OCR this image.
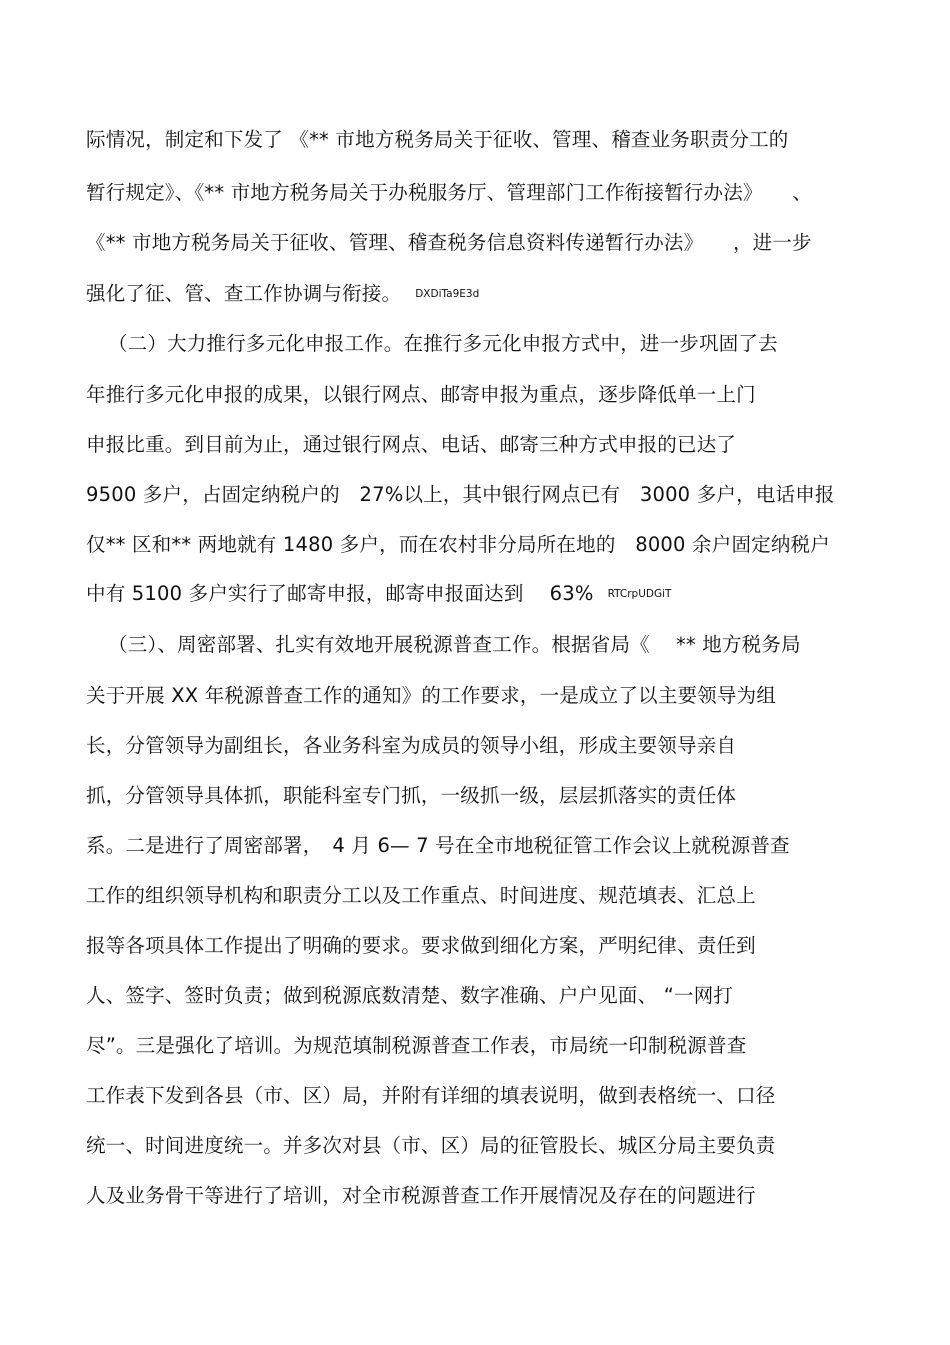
际情况，制定和下发了 《** 市地方税务局关于征收、管理、稽查业务职责分工的
暂行规定》、《** 市地方税务局关于办税服务厅、管理部门工作衔接暂行办法》　　、
《** 市地方税务局关于征收、管理、稽查税务信息资料传递暂行办法》　　，进一步
强化了征、管、查工作协调与衔接。 DXDiTa9E3d
（二）大力推行多元化申报工作。在推行多元化申报方式中，进一步巩固了去
年推行多元化申报的成果，以银行网点、邮寄申报为重点，逐步降低单一上门
申报比重。到目前为止，通过银行网点、电话、邮寄三种方式申报的已达了
9500 多户，占固定纳税户的　27%以上，其中银行网点已有　3000 多户，电话申报
仅** 区和** 两地就有 1480 多户，而在农村非分局所在地的　8000 余户固定纳税户
中有 5100 多户实行了邮寄申报，邮寄申报面达到　 63% RTCrpUDGiT
（三）、周密部署、扎实有效地开展税源普查工作。根据省局《　 ** 地方税务局
关于开展 XX 年税源普查工作的通知》的工作要求，一是成立了以主要领导为组
长，分管领导为副组长，各业务科室为成员的领导小组，形成主要领导亲自
抓，分管领导具体抓，职能科室专门抓，一级抓一级，层层抓落实的责任体
系。二是进行了周密部署，　4 月 6— 7 号在全市地税征管工作会议上就税源普查
工作的组织领导机构和职责分工以及工作重点、时间进度、规范填表、汇总上
报等各项具体工作提出了明确的要求。要求做到细化方案，严明纪律、责任到
人、签字、签时负责；做到税源底数清楚、数字准确、户户见面、 “一网打
尽”。三是强化了培训。为规范填制税源普查工作表，市局统一印制税源普查
工作表下发到各县（市、区）局，并附有详细的填表说明，做到表格统一、口径
统一、时间进度统一。并多次对县（市、区）局的征管股长、城区分局主要负责
人及业务骨干等进行了培训，对全市税源普查工作开展情况及存在的问题进行
